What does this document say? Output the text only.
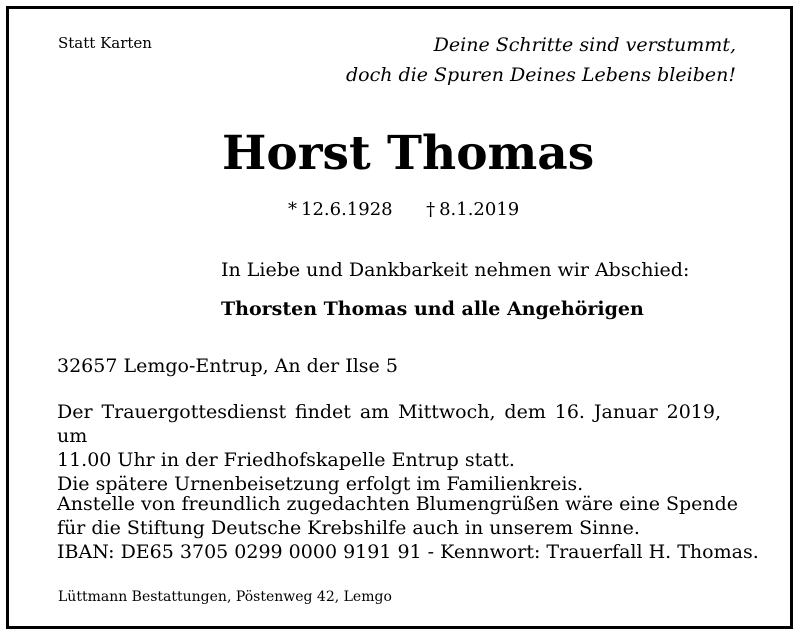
Statt Karten	Deine Schritte sind verstummt,
doch die Spuren Deines Lebens bleiben!
Horst Thomas
* 12.6.1928 † 8.1.2019

In Liebe und Dankbarkeit nehmen wir Abschied:

Thorsten Thomas und alle Angehörigen

32657 Lemgo-Entrup, An der Ilse 5

Der Trauergottesdienst findet am Mittwoch, dem 16. Januar 2019, um
11.00 Uhr in der Friedhofskapelle Entrup statt.
Die spätere Urnenbeisetzung erfolgt im Familienkreis.
Anstelle von freundlich zugedachten Blumengrüßen wäre eine Spende
für die Stiftung Deutsche Krebshilfe auch in unserem Sinne.
IBAN: DE65 3705 0299 0000 9191 91 - Kennwort: Trauerfall H. Thomas.

Lüttmann Bestattungen, Pöstenweg 42, Lemgo
